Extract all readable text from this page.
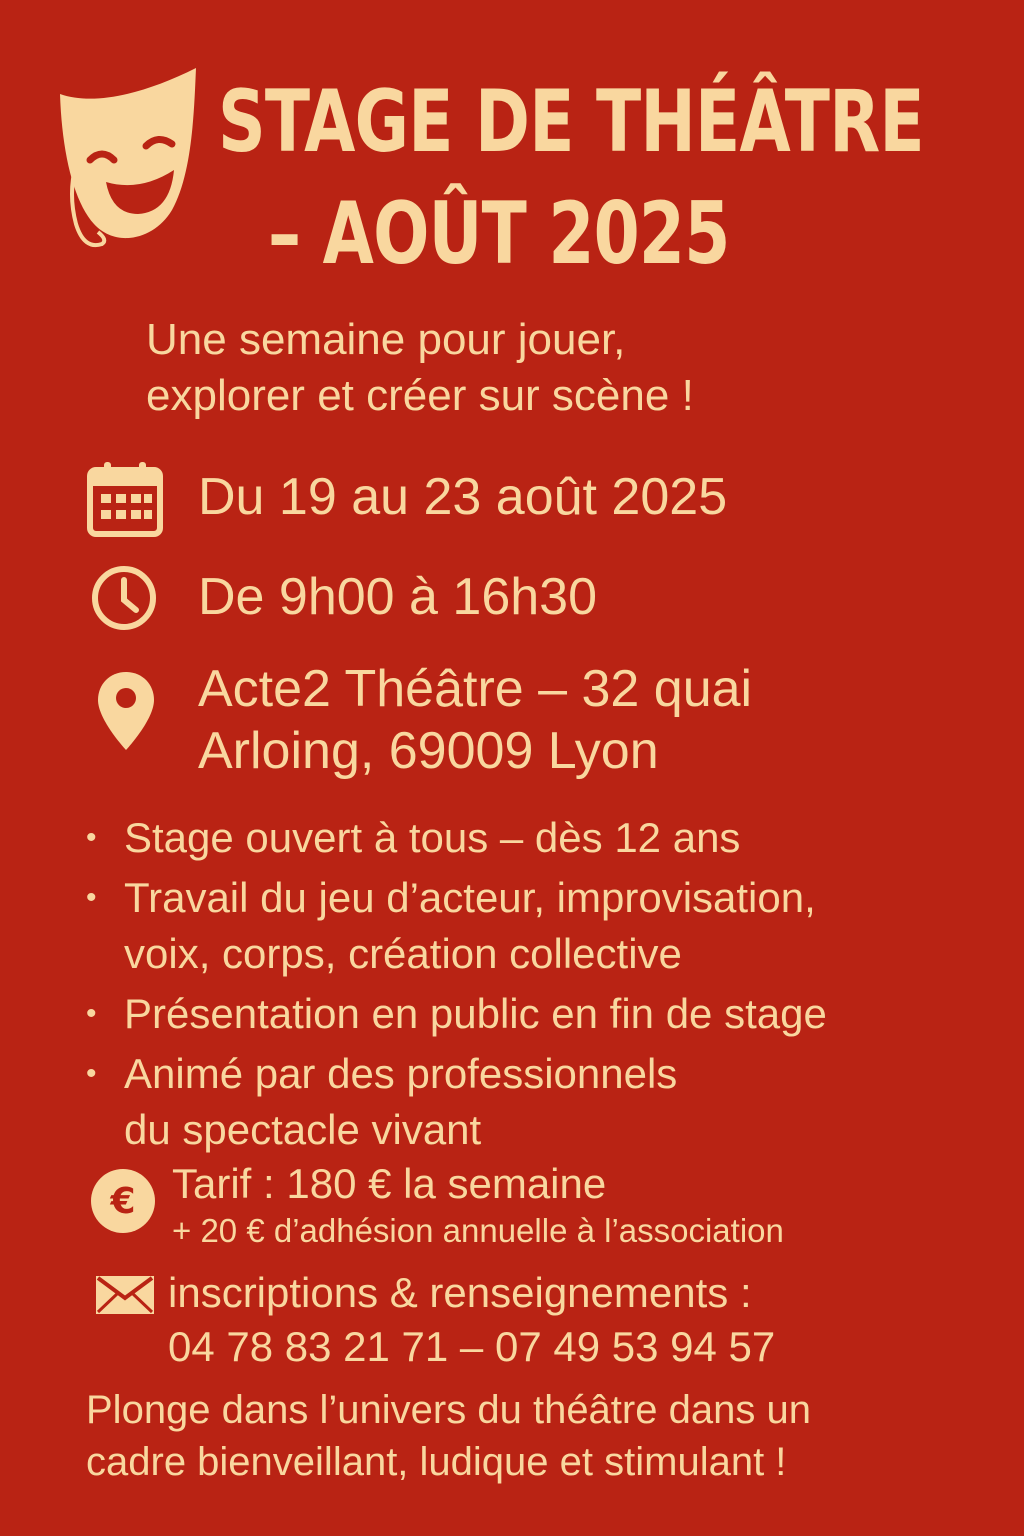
STAGE DE THÉÂTRE
– AOÛT 2025
Une semaine pour jouer,
explorer et créer sur scène !
Du 19 au 23 août 2025
De 9h00 à 16h30
Acte2 Théâtre – 32 quai
Arloing, 69009 Lyon
• Stage ouvert à tous – dès 12 ans
• Travail du jeu d’acteur, improvisation,
voix, corps, création collective
• Présentation en public en fin de stage
• Animé par des professionnels
du spectacle vivant
€ Tarif : 180 € la semaine
+ 20 € d’adhésion annuelle à l’association
inscriptions & renseignements :
04 78 83 21 71 – 07 49 53 94 57
Plonge dans l’univers du théâtre dans un
cadre bienveillant, ludique et stimulant !
